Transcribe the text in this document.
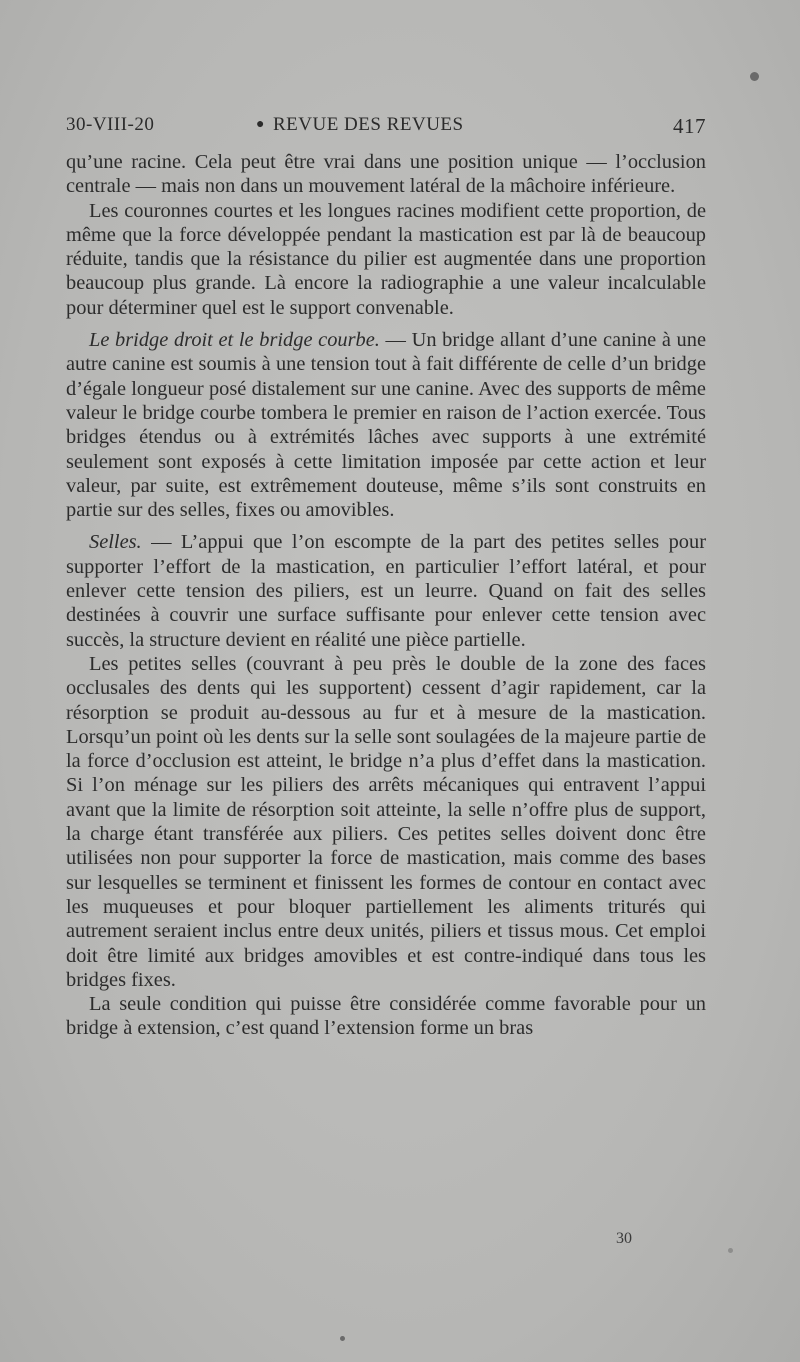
30-VIII-20	● REVUE DES REVUES	417

qu’une racine. Cela peut être vrai dans une position unique — l’occlusion centrale — mais non dans un mouvement latéral de la mâchoire inférieure.

Les couronnes courtes et les longues racines modifient cette proportion, de même que la force développée pendant la mastication est par là de beaucoup réduite, tandis que la résistance du pilier est augmentée dans une proportion beaucoup plus grande. Là encore la radiographie a une valeur incalculable pour déterminer quel est le support convenable.

Le bridge droit et le bridge courbe. — Un bridge allant d’une canine à une autre canine est soumis à une tension tout à fait différente de celle d’un bridge d’égale longueur posé distalement sur une canine. Avec des supports de même valeur le bridge courbe tombera le premier en raison de l’action exercée. Tous bridges étendus ou à extrémités lâches avec supports à une extrémité seulement sont exposés à cette limitation imposée par cette action et leur valeur, par suite, est extrêmement douteuse, même s’ils sont construits en partie sur des selles, fixes ou amovibles.

Selles. — L’appui que l’on escompte de la part des petites selles pour supporter l’effort de la mastication, en particulier l’effort latéral, et pour enlever cette tension des piliers, est un leurre. Quand on fait des selles destinées à couvrir une surface suffisante pour enlever cette tension avec succès, la structure devient en réalité une pièce partielle.

Les petites selles (couvrant à peu près le double de la zone des faces occlusales des dents qui les supportent) cessent d’agir rapidement, car la résorption se produit au-dessous au fur et à mesure de la mastication. Lorsqu’un point où les dents sur la selle sont soulagées de la majeure partie de la force d’occlusion est atteint, le bridge n’a plus d’effet dans la mastication. Si l’on ménage sur les piliers des arrêts mécaniques qui entravent l’appui avant que la limite de résorption soit atteinte, la selle n’offre plus de support, la charge étant transférée aux piliers. Ces petites selles doivent donc être utilisées non pour supporter la force de mastication, mais comme des bases sur lesquelles se terminent et finissent les formes de contour en contact avec les muqueuses et pour bloquer partiellement les aliments triturés qui autrement seraient inclus entre deux unités, piliers et tissus mous. Cet emploi doit être limité aux bridges amovibles et est contre-indiqué dans tous les bridges fixes.

La seule condition qui puisse être considérée comme favorable pour un bridge à extension, c’est quand l’extension forme un bras

30
